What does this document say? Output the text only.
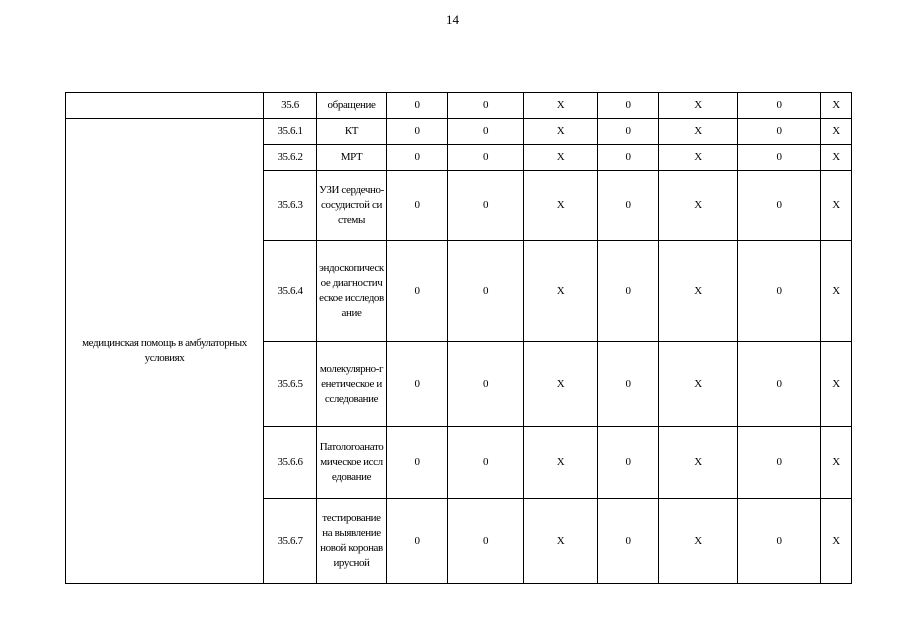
14
	35.6	обращение	0	0	Х	0	Х	0	Х
медицинская помощь в амбулаторных условиях	35.6.1	КТ	0	0	Х	0	Х	0	Х
	35.6.2	МРТ	0	0	Х	0	Х	0	Х
	35.6.3	УЗИ сердечно-сосудистой системы	0	0	Х	0	Х	0	Х
	35.6.4	эндоскопическое диагностическое исследование	0	0	Х	0	Х	0	Х
	35.6.5	молекулярно-генетическое исследование	0	0	Х	0	Х	0	Х
	35.6.6	Патологоанатомическое исследование	0	0	Х	0	Х	0	Х
	35.6.7	тестирование на выявление новой коронавирусной	0	0	Х	0	Х	0	Х
